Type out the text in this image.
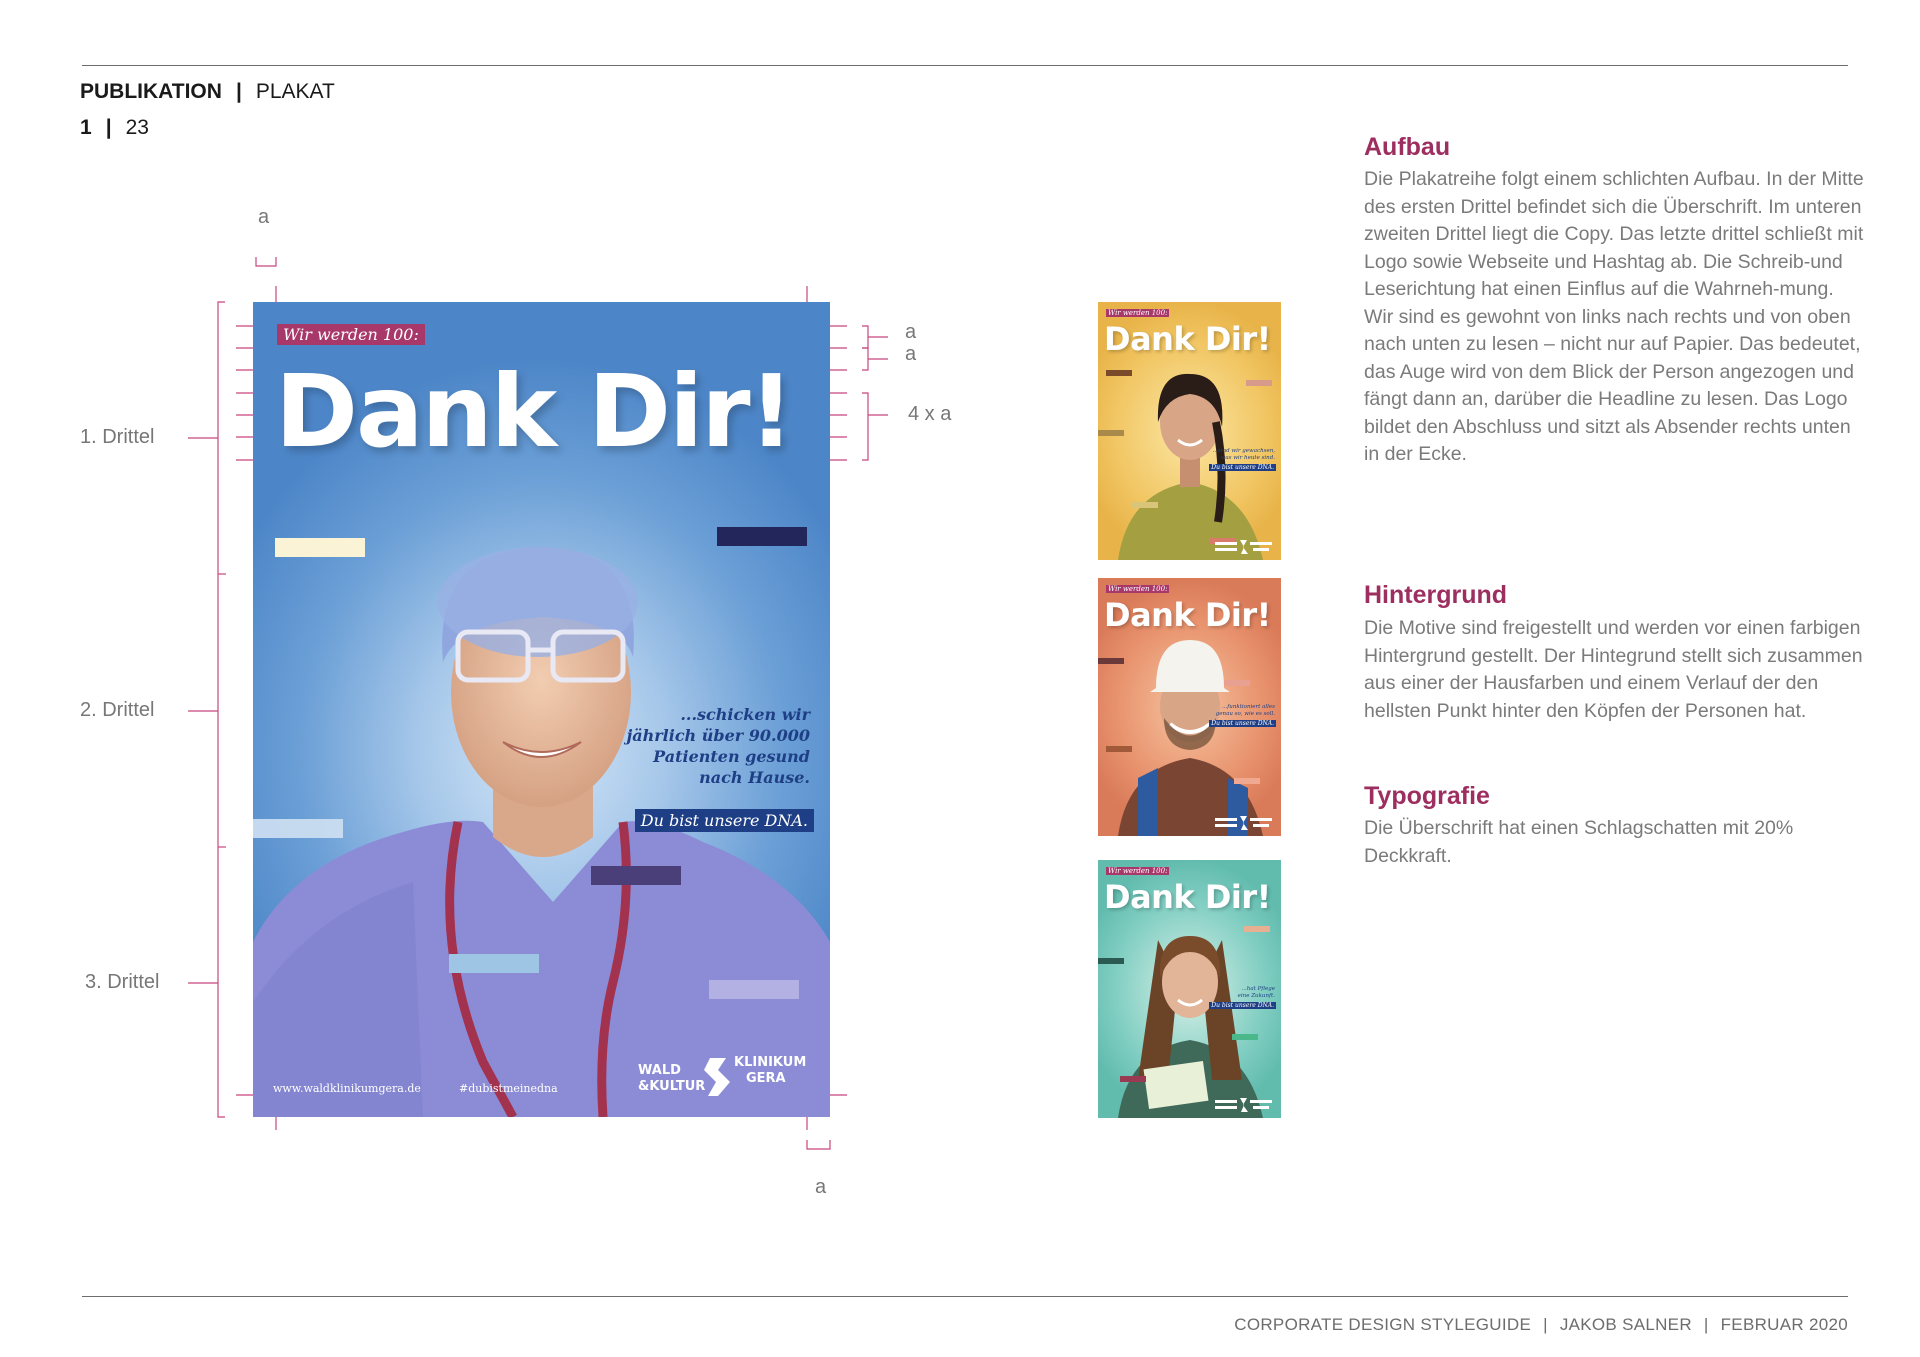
PUBLIKATION | PLAKAT
1 | 23
a
a
a
4 x a
a
1. Drittel
2. Drittel
3. Drittel
Wir werden 100:
Dank Dir!
...schicken wir
jährlich über 90.000
Patienten gesund
nach Hause.
Du bist unsere DNA.
www.waldklinikumgera.de	#dubistmeinedna
WALD
&KULTUR
KLINIKUM
GERA
Wir werden 100:
Dank Dir!
...sind wir gewachsen,
was wir heute sind.
Du bist unsere DNA.
Wir werden 100:
Dank Dir!
...funktioniert alles
genau so, wie es soll.
Du bist unsere DNA.
Wir werden 100:
Dank Dir!
...hat Pflege
eine Zukunft.
Du bist unsere DNA.
Aufbau
Die Plakatreihe folgt einem schlichten Aufbau. In der Mitte des ersten Drittel befindet sich die Überschrift. Im unteren zweiten Drittel liegt die Copy. Das letzte drittel schließt mit Logo sowie Webseite und Hashtag ab. Die Schreib-und Leserichtung hat einen Einflus auf die Wahrneh-mung. Wir sind es gewohnt von links nach rechts und von oben nach unten zu lesen – nicht nur auf Papier. Das bedeutet, das Auge wird von dem Blick der Person angezogen und fängt dann an, darüber die Headline zu lesen. Das Logo bildet den Abschluss und sitzt als Absender rechts unten in der Ecke.
Hintergrund
Die Motive sind freigestellt und werden vor einen farbigen Hintergrund gestellt. Der Hintegrund stellt sich zusammen aus einer der Hausfarben und einem Verlauf der den hellsten Punkt hinter den Köpfen der Personen hat.
Typografie
Die Überschrift hat einen Schlagschatten mit 20% Deckkraft.
CORPORATE DESIGN STYLEGUIDE | JAKOB SALNER | FEBRUAR 2020
